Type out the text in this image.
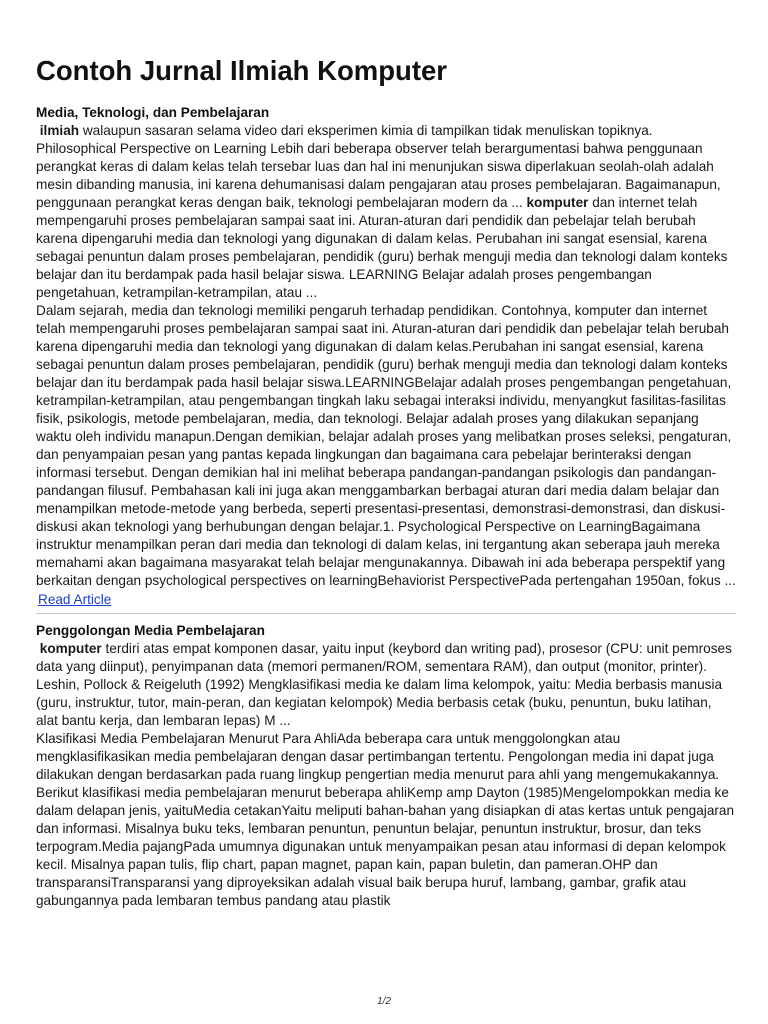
Contoh Jurnal Ilmiah Komputer
Media, Teknologi, dan Pembelajaran

ilmiah walaupun sasaran selama video dari eksperimen kimia di tampilkan tidak menuliskan topiknya. Philosophical Perspective on Learning Lebih dari beberapa observer telah berargumentasi bahwa penggunaan perangkat keras di dalam kelas telah tersebar luas dan hal ini menunjukan siswa diperlakuan seolah-olah adalah mesin dibanding manusia, ini karena dehumanisasi dalam pengajaran atau proses pembelajaran. Bagaimanapun, penggunaan perangkat keras dengan baik, teknologi pembelajaran modern da ... komputer dan internet telah mempengaruhi proses pembelajaran sampai saat ini. Aturan-aturan dari pendidik dan pebelajar telah berubah karena dipengaruhi media dan teknologi yang digunakan di dalam kelas. Perubahan ini sangat esensial, karena sebagai penuntun dalam proses pembelajaran, pendidik (guru) berhak menguji media dan teknologi dalam konteks belajar dan itu berdampak pada hasil belajar siswa. LEARNING Belajar adalah proses pengembangan pengetahuan, ketrampilan-ketrampilan, atau ...

Dalam sejarah, media dan teknologi memiliki pengaruh terhadap pendidikan. Contohnya, komputer dan internet telah mempengaruhi proses pembelajaran sampai saat ini. Aturan-aturan dari pendidik dan pebelajar telah berubah karena dipengaruhi media dan teknologi yang digunakan di dalam kelas.Perubahan ini sangat esensial, karena sebagai penuntun dalam proses pembelajaran, pendidik (guru) berhak menguji media dan teknologi dalam konteks belajar dan itu berdampak pada hasil belajar siswa.LEARNINGBelajar adalah proses pengembangan pengetahuan, ketrampilan-ketrampilan, atau pengembangan tingkah laku sebagai interaksi individu, menyangkut fasilitas-fasilitas fisik, psikologis, metode pembelajaran, media, dan teknologi. Belajar adalah proses yang dilakukan sepanjang waktu oleh individu manapun.Dengan demikian, belajar adalah proses yang melibatkan proses seleksi, pengaturan, dan penyampaian pesan yang pantas kepada lingkungan dan bagaimana cara pebelajar berinteraksi dengan informasi tersebut. Dengan demikian hal ini melihat beberapa pandangan-pandangan psikologis dan pandangan-pandangan filusuf. Pembahasan kali ini juga akan menggambarkan berbagai aturan dari media dalam belajar dan menampilkan metode-metode yang berbeda, seperti presentasi-presentasi, demonstrasi-demonstrasi, dan diskusi-diskusi akan teknologi yang berhubungan dengan belajar.1. Psychological Perspective on LearningBagaimana instruktur menampilkan peran dari media dan teknologi di dalam kelas, ini tergantung akan seberapa jauh mereka memahami akan bagaimana masyarakat telah belajar mengunakannya. Dibawah ini ada beberapa perspektif yang berkaitan dengan psychological perspectives on learningBehaviorist PerspectivePada pertengahan 1950an, fokus ...

Read Article
Penggolongan Media Pembelajaran

komputer terdiri atas empat komponen dasar, yaitu input (keybord dan writing pad), prosesor (CPU: unit pemroses data yang diinput), penyimpanan data (memori permanen/ROM, sementara RAM), dan output (monitor, printer). Leshin, Pollock & Reigeluth (1992) Mengklasifikasi media ke dalam lima kelompok, yaitu: Media berbasis manusia (guru, instruktur, tutor, main-peran, dan kegiatan kelompok) Media berbasis cetak (buku, penuntun, buku latihan, alat bantu kerja, dan lembaran lepas) M ...

Klasifikasi Media Pembelajaran Menurut Para AhliAda beberapa cara untuk menggolongkan atau mengklasifikasikan media pembelajaran dengan dasar pertimbangan tertentu. Pengolongan media ini dapat juga dilakukan dengan berdasarkan pada ruang lingkup pengertian media menurut para ahli yang mengemukakannya. Berikut klasifikasi media pembelajaran menurut beberapa ahliKemp amp Dayton (1985)Mengelompokkan media ke dalam delapan jenis, yaituMedia cetakanYaitu meliputi bahan-bahan yang disiapkan di atas kertas untuk pengajaran dan informasi. Misalnya buku teks, lembaran penuntun, penuntun belajar, penuntun instruktur, brosur, dan teks terpogram.Media pajangPada umumnya digunakan untuk menyampaikan pesan atau informasi di depan kelompok kecil. Misalnya papan tulis, flip chart, papan magnet, papan kain, papan buletin, dan pameran.OHP dan transparansiTransparansi yang diproyeksikan adalah visual baik berupa huruf, lambang, gambar, grafik atau gabungannya pada lembaran tembus pandang atau plastik

1/2
